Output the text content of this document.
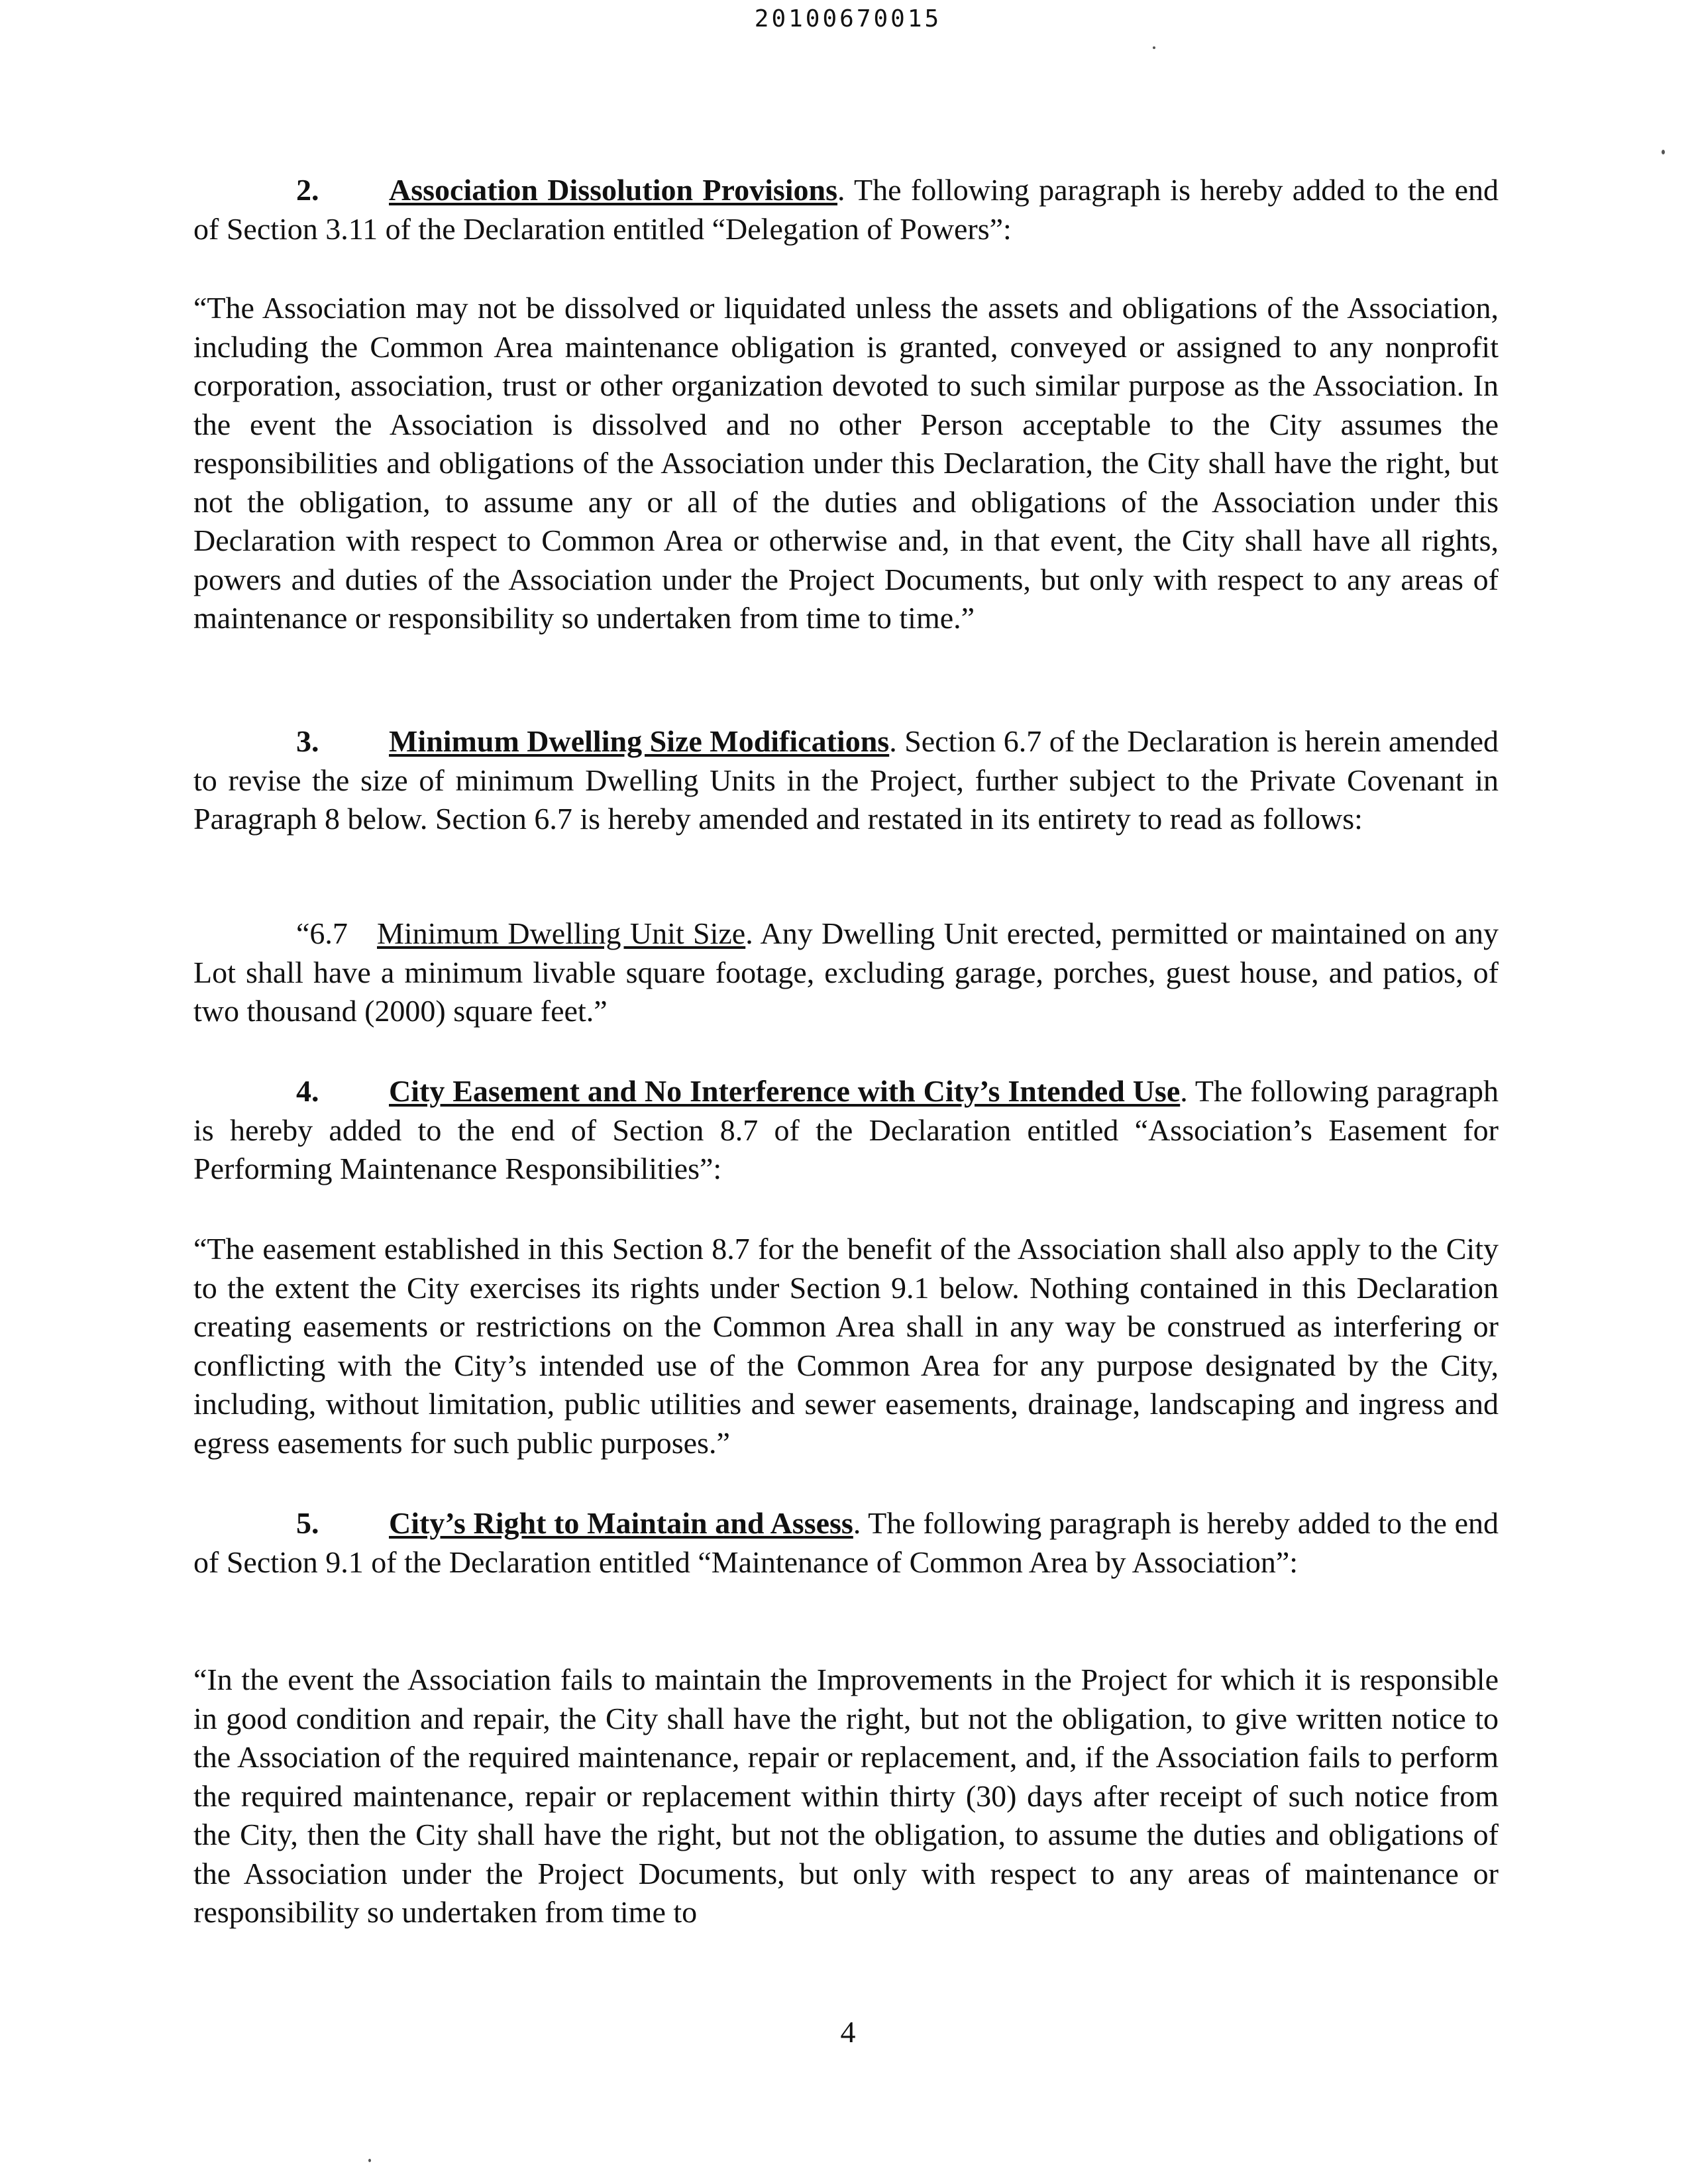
20100670015
2. Association Dissolution Provisions. The following paragraph is hereby added to the end of Section 3.11 of the Declaration entitled “Delegation of Powers”:
“The Association may not be dissolved or liquidated unless the assets and obligations of the Association, including the Common Area maintenance obligation is granted, conveyed or assigned to any nonprofit corporation, association, trust or other organization devoted to such similar purpose as the Association. In the event the Association is dissolved and no other Person acceptable to the City assumes the responsibilities and obligations of the Association under this Declaration, the City shall have the right, but not the obligation, to assume any or all of the duties and obligations of the Association under this Declaration with respect to Common Area or otherwise and, in that event, the City shall have all rights, powers and duties of the Association under the Project Documents, but only with respect to any areas of maintenance or responsibility so undertaken from time to time.”
3. Minimum Dwelling Size Modifications. Section 6.7 of the Declaration is herein amended to revise the size of minimum Dwelling Units in the Project, further subject to the Private Covenant in Paragraph 8 below. Section 6.7 is hereby amended and restated in its entirety to read as follows:
“6.7 Minimum Dwelling Unit Size. Any Dwelling Unit erected, permitted or maintained on any Lot shall have a minimum livable square footage, excluding garage, porches, guest house, and patios, of two thousand (2000) square feet.”
4. City Easement and No Interference with City’s Intended Use. The following paragraph is hereby added to the end of Section 8.7 of the Declaration entitled “Association’s Easement for Performing Maintenance Responsibilities”:
“The easement established in this Section 8.7 for the benefit of the Association shall also apply to the City to the extent the City exercises its rights under Section 9.1 below. Nothing contained in this Declaration creating easements or restrictions on the Common Area shall in any way be construed as interfering or conflicting with the City’s intended use of the Common Area for any purpose designated by the City, including, without limitation, public utilities and sewer easements, drainage, landscaping and ingress and egress easements for such public purposes.”
5. City’s Right to Maintain and Assess. The following paragraph is hereby added to the end of Section 9.1 of the Declaration entitled “Maintenance of Common Area by Association”:
“In the event the Association fails to maintain the Improvements in the Project for which it is responsible in good condition and repair, the City shall have the right, but not the obligation, to give written notice to the Association of the required maintenance, repair or replacement, and, if the Association fails to perform the required maintenance, repair or replacement within thirty (30) days after receipt of such notice from the City, then the City shall have the right, but not the obligation, to assume the duties and obligations of the Association under the Project Documents, but only with respect to any areas of maintenance or responsibility so undertaken from time to
4
